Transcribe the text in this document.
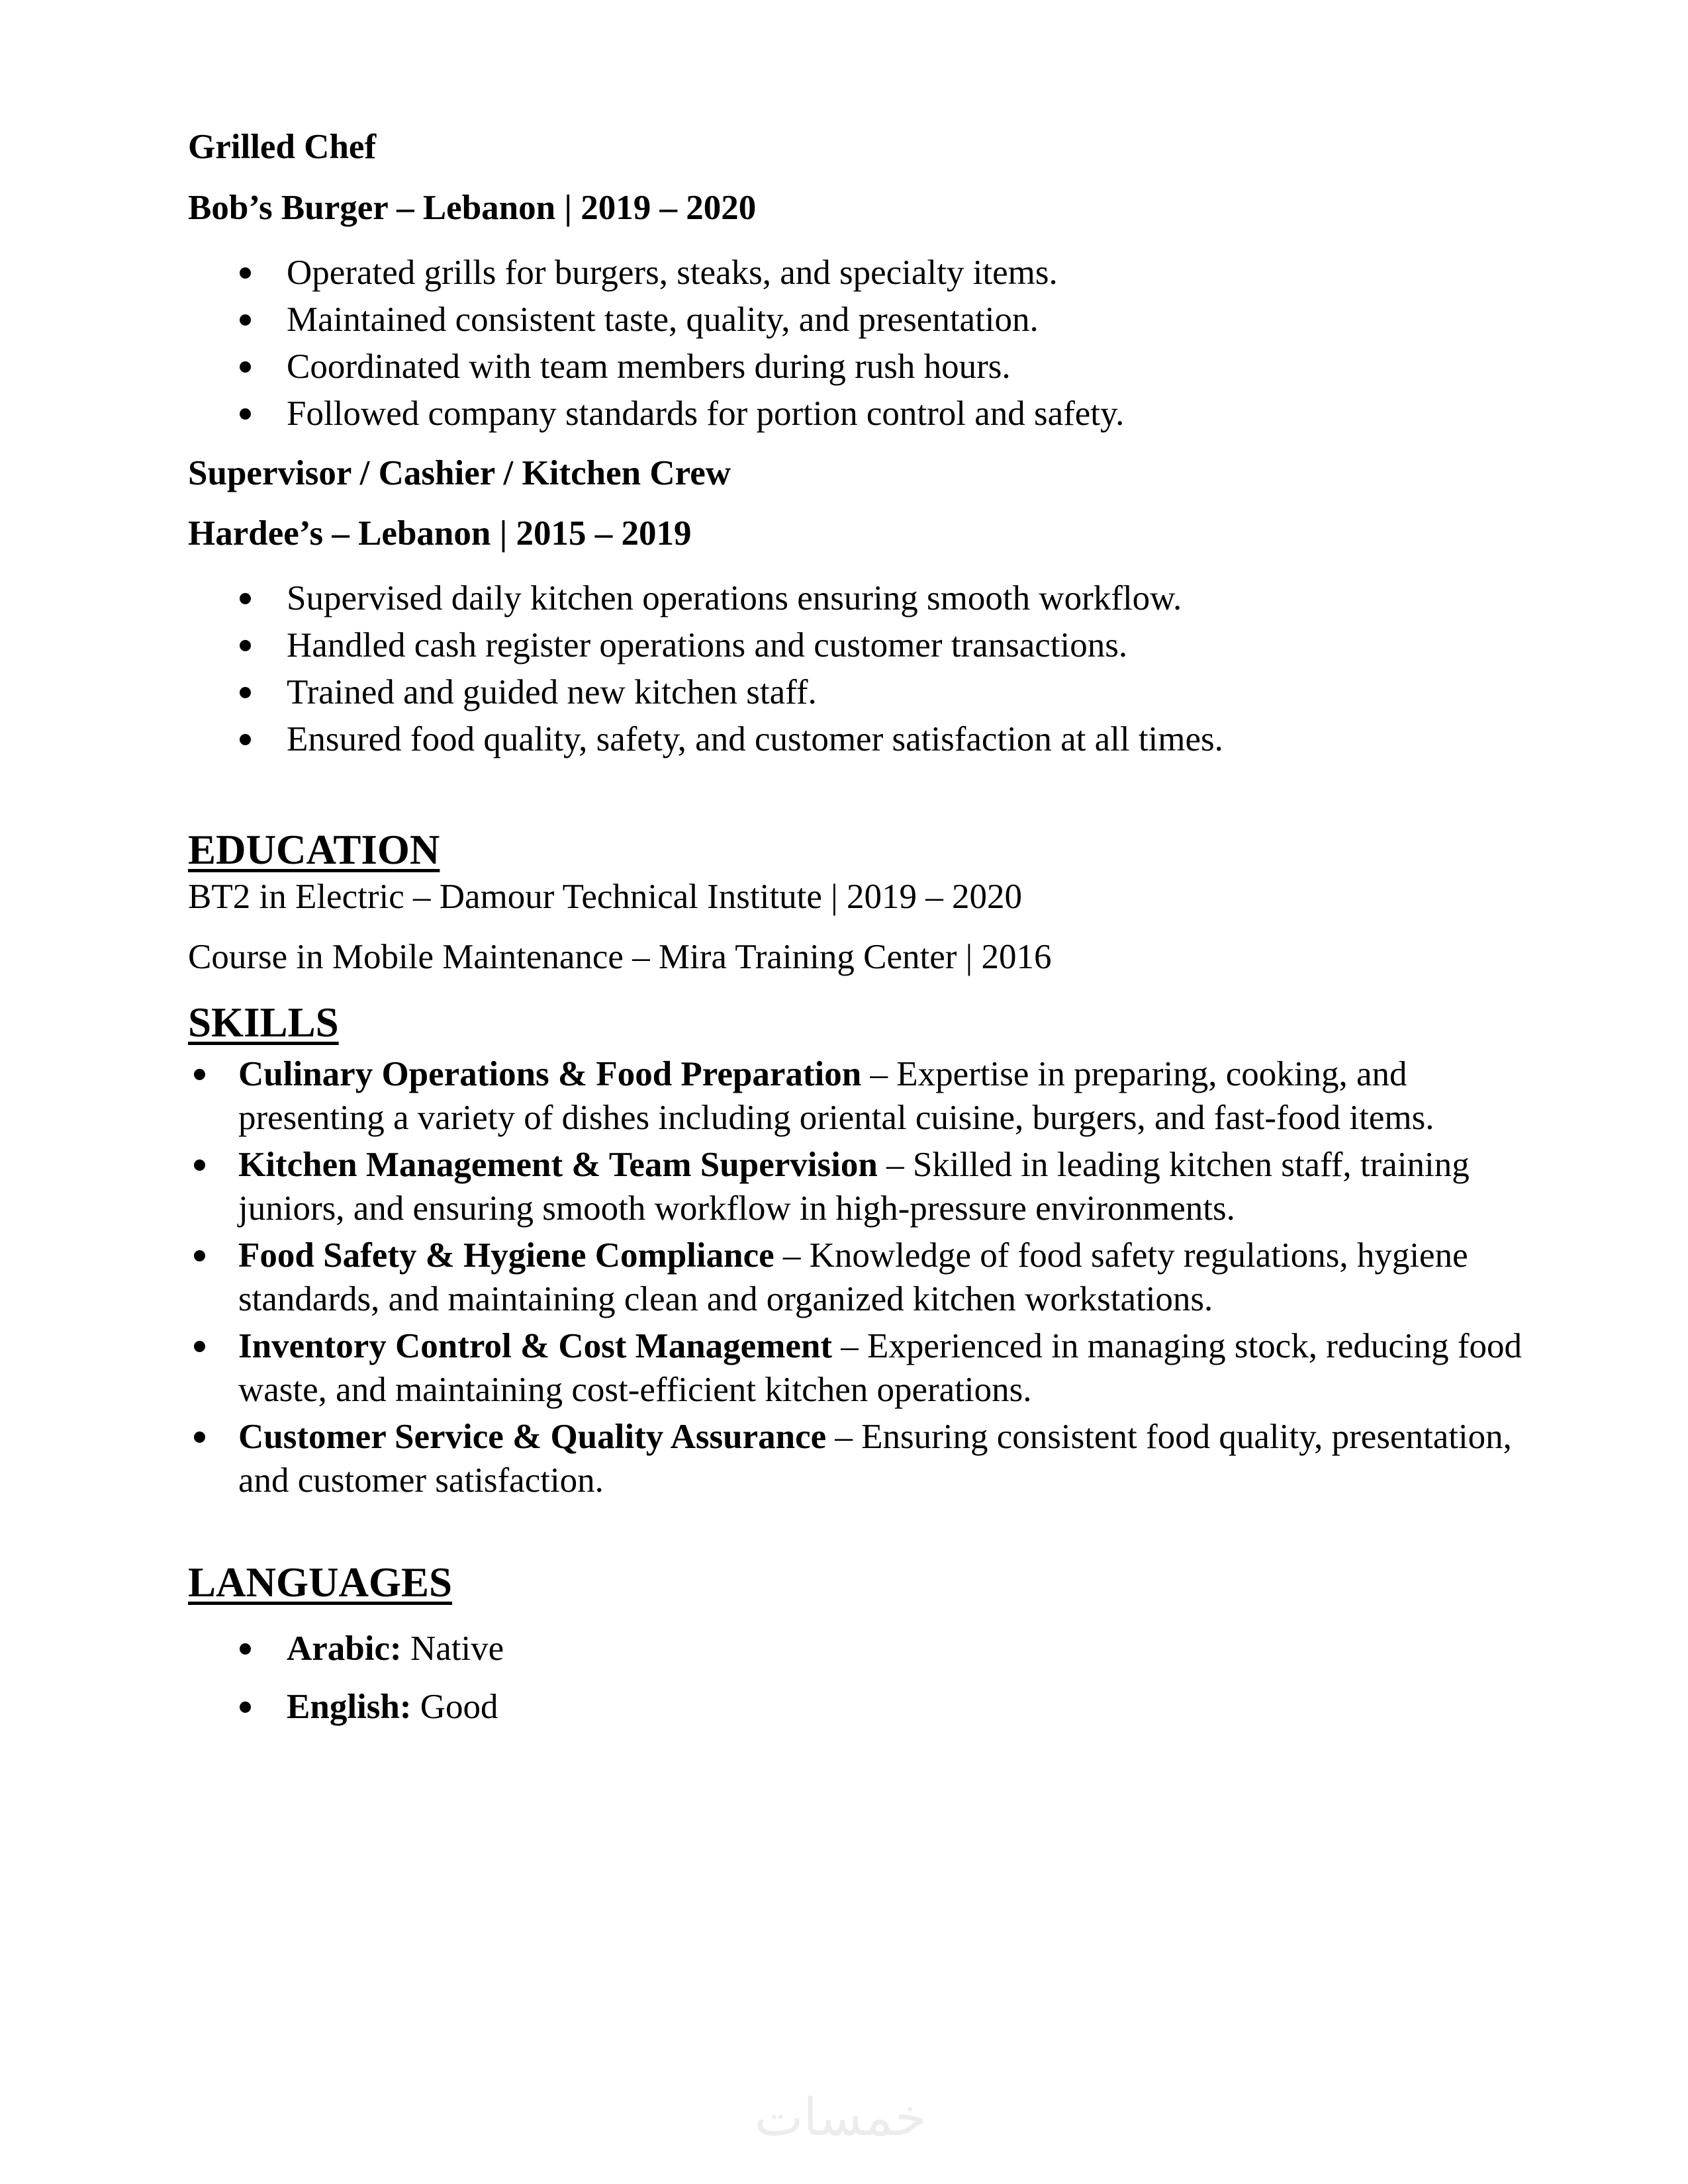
Grilled Chef
Bob’s Burger – Lebanon | 2019 – 2020
Operated grills for burgers, steaks, and specialty items.
Maintained consistent taste, quality, and presentation.
Coordinated with team members during rush hours.
Followed company standards for portion control and safety.
Supervisor / Cashier / Kitchen Crew
Hardee’s – Lebanon | 2015 – 2019
Supervised daily kitchen operations ensuring smooth workflow.
Handled cash register operations and customer transactions.
Trained and guided new kitchen staff.
Ensured food quality, safety, and customer satisfaction at all times.
EDUCATION
BT2 in Electric – Damour Technical Institute | 2019 – 2020
Course in Mobile Maintenance – Mira Training Center | 2016
SKILLS
Culinary Operations & Food Preparation – Expertise in preparing, cooking, and presenting a variety of dishes including oriental cuisine, burgers, and fast-food items.
Kitchen Management & Team Supervision – Skilled in leading kitchen staff, training juniors, and ensuring smooth workflow in high-pressure environments.
Food Safety & Hygiene Compliance – Knowledge of food safety regulations, hygiene standards, and maintaining clean and organized kitchen workstations.
Inventory Control & Cost Management – Experienced in managing stock, reducing food waste, and maintaining cost-efficient kitchen operations.
Customer Service & Quality Assurance – Ensuring consistent food quality, presentation, and customer satisfaction.
LANGUAGES
Arabic: Native
English: Good
خمسات
